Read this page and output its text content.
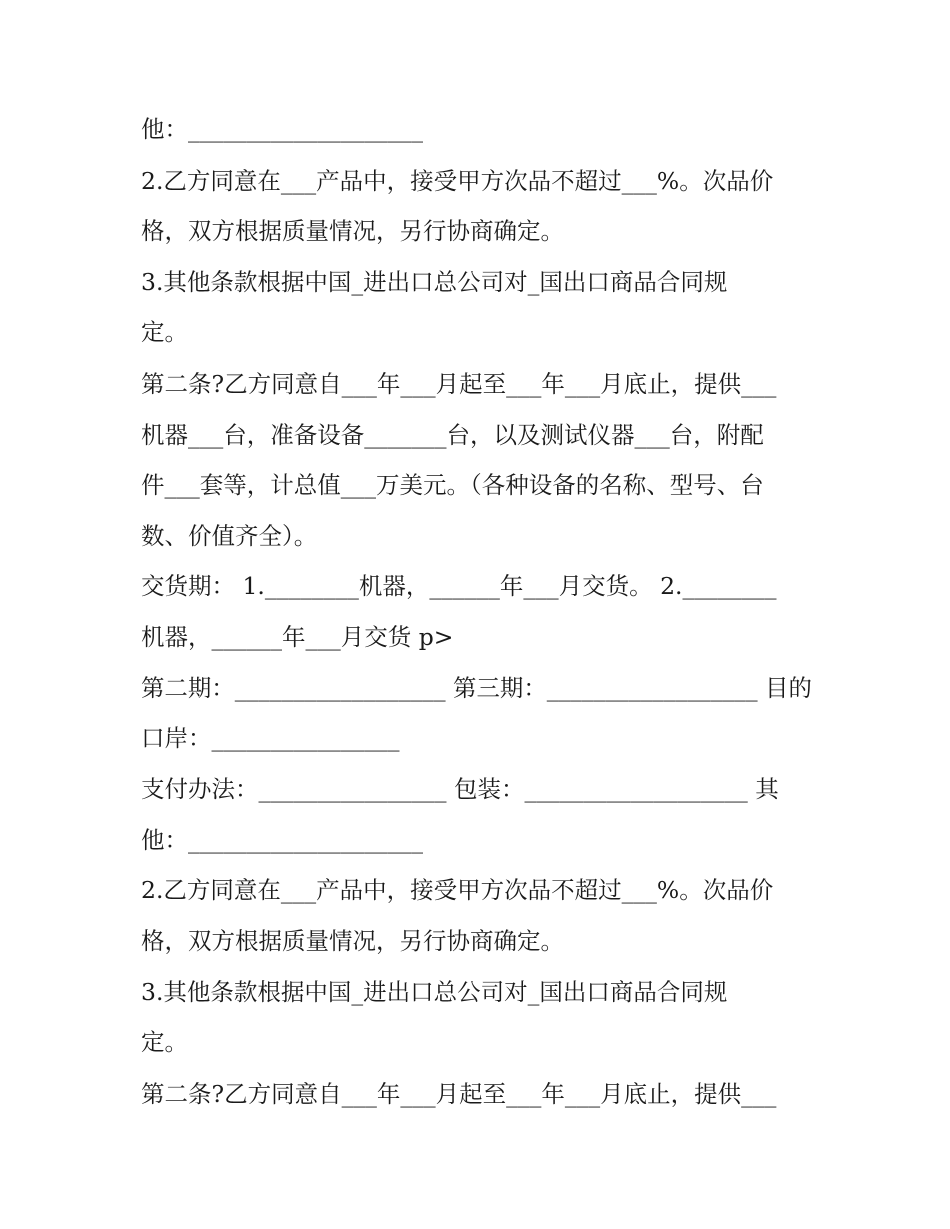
他：____________________
2.乙方同意在___产品中，接受甲方次品不超过___%。次品价
格，双方根据质量情况，另行协商确定。
3.其他条款根据中国_进出口总公司对_国出口商品合同规
定。
第二条?乙方同意自___年___月起至___年___月底止，提供___
机器___台，准备设备_______台，以及测试仪器___台，附配
件___套等，计总值___万美元。（各种设备的名称、型号、台
数、价值齐全）。
交货期： 1.________机器，______年___月交货。 2.________
机器，______年___月交货 p>
第二期：__________________ 第三期：__________________ 目的
口岸：________________
支付办法：________________ 包装：___________________ 其
他：____________________
2.乙方同意在___产品中，接受甲方次品不超过___%。次品价
格，双方根据质量情况，另行协商确定。
3.其他条款根据中国_进出口总公司对_国出口商品合同规
定。
第二条?乙方同意自___年___月起至___年___月底止，提供___
